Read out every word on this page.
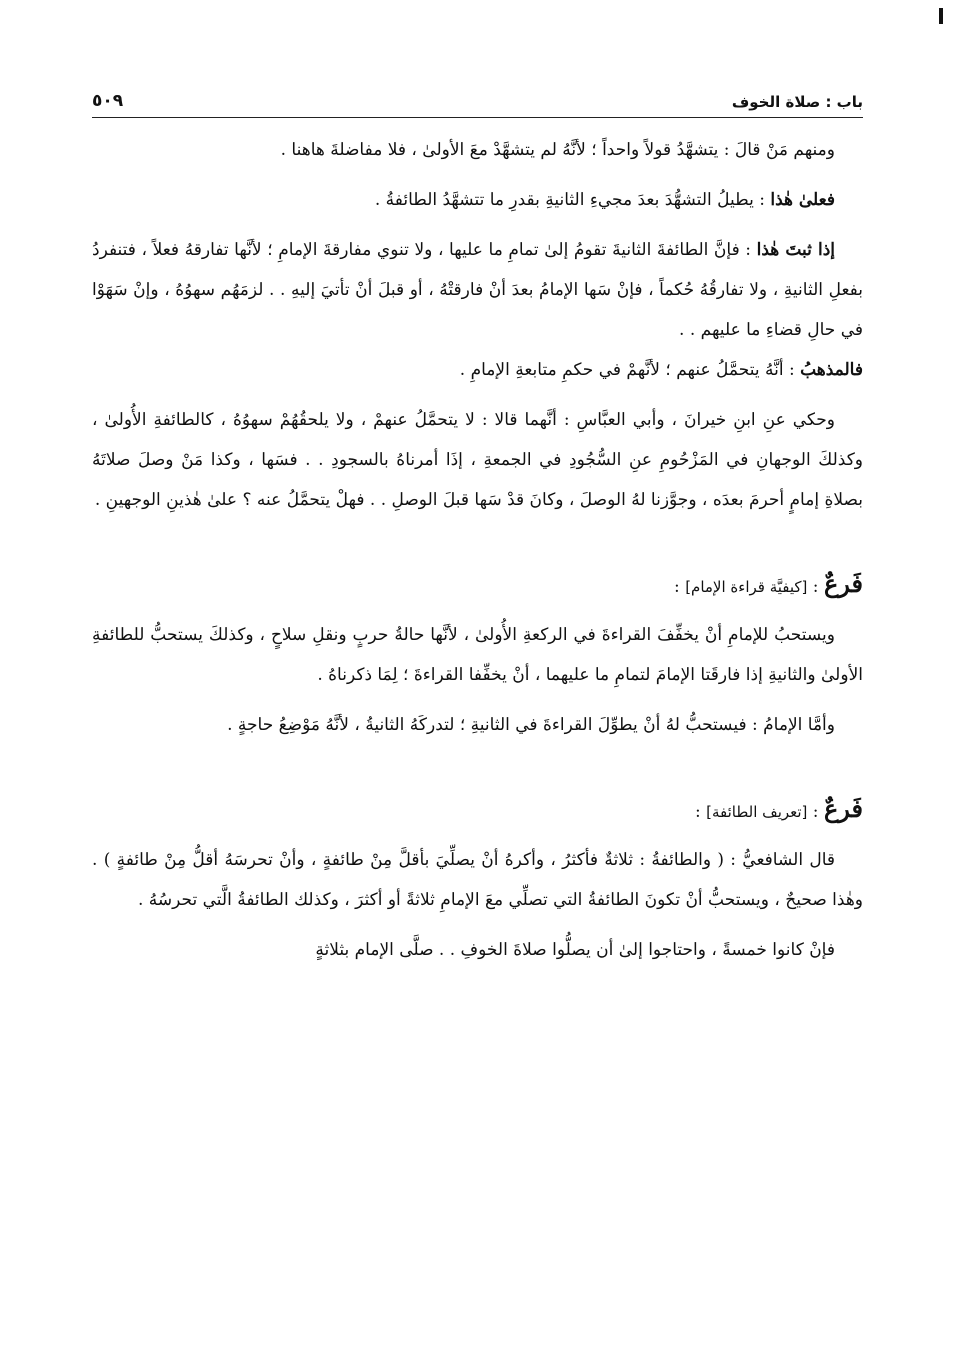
باب : صلاة الخوف
٥٠٩

ومنهم مَنْ قالَ : يتشهَّدُ قولاً واحداً ؛ لأنَّهُ لم يتشهَّدْ معَ الأولىٰ ، فلا مفاضلةَ هاهنا .

فعلىٰ هٰذا : يطيلُ التشهُّدَ بعدَ مجيءِ الثانيةِ بقدرِ ما تتشهَّدُ الطائفةُ .

إذا ثبتَ هٰذا : فإنَّ الطائفةَ الثانيةَ تقومُ إلىٰ تمامِ ما عليها ، ولا تنوي مفارقةَ الإمامِ ؛ لأنَّها تفارقهُ فعلاً ، فتنفردُ بفعلِ الثانيةِ ، ولا تفارقُهُ حُكماً ، فإنْ سَها الإمامُ بعدَ أنْ فارقتْهُ ، أو قبلَ أنْ تأتيَ إليهِ . . لزمَهُم سهوُهُ ، وإنْ سَهَوْا في حالِ قضاءِ ما عليهم . .

فالمذهبُ : أنَّهُ يتحمَّلُ عنهم ؛ لأنَّهمْ في حكمِ متابعةِ الإمامِ .

وحكي عنِ ابنِ خيرانَ ، وأبي العبَّاسِ : أنَّهما قالا : لا يتحمَّلُ عنهمْ ، ولا يلحقُهُمْ سهوُهُ ، كالطائفةِ الأُولىٰ ، وكذلكَ الوجهانِ في المَزْحُومِ عنِ السُّجُودِ في الجمعةِ ، إذَا أمرناهُ بالسجودِ . . فسَها ، وكذا مَنْ وصلَ صلاتَهُ بصلاةِ إمامٍ أحرمَ بعدَه ، وجوَّزنا لهُ الوصلَ ، وكانَ قدْ سَها قبلَ الوصلِ . . فهلْ يتحمَّلُ عنه ؟ علىٰ هٰذينِ الوجهينِ .

فَرعٌ : [كيفيَّة قراءة الإمام] :

ويستحبُ للإمامِ أنْ يخفِّفَ القراءةَ في الركعةِ الأُولىٰ ، لأنَّها حالةُ حربٍ ونقلِ سلاحٍ ، وكذلكَ يستحبُّ للطائفةِ الأولىٰ والثانيةِ إذا فارقَتا الإمامَ لتمامِ ما عليهما ، أنْ يخفِّفا القراءةَ ؛ لِمَا ذكرناهُ .

وأمَّا الإمامُ : فيستحبُّ لهُ أنْ يطوِّلَ القراءةَ في الثانيةِ ؛ لتدركَهُ الثانيةُ ، لأنَّهُ مَوْضِعُ حاجةٍ .

فَرعٌ : [تعريف الطائفة] :

قال الشافعيُّ : ( والطائفةُ : ثلاثةٌ فأكثرُ ، وأكرهُ أنْ يصلِّيَ بأقلَّ مِنْ طائفةٍ ، وأنْ تحرسَهُ أقلُّ مِنْ طائفةٍ ) . وهٰذا صحيحٌ ، ويستحبُّ أنْ تكونَ الطائفةُ التي تصلِّي معَ الإمامِ ثلاثةً أو أكثرَ ، وكذلك الطائفةُ الَّتي تحرسُهُ .

فإنْ كانوا خمسةً ، واحتاجوا إلىٰ أن يصلُّوا صلاةَ الخوفِ . . صلَّى الإمام بثلاثةٍ
